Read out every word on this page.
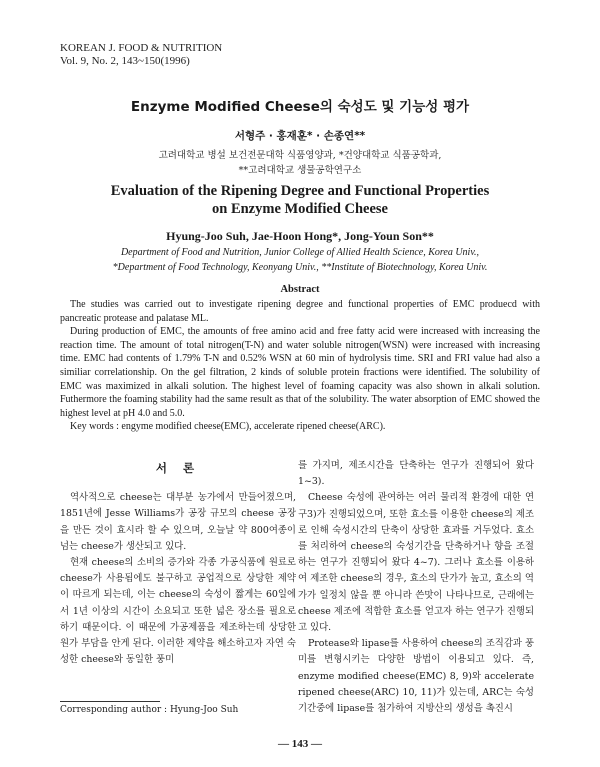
KOREAN J. FOOD & NUTRITION
Vol. 9, No. 2, 143~150(1996)
Enzyme Modified Cheese의 숙성도 및 기능성 평가
서형주 · 홍재훈* · 손종연**
고려대학교 병설 보건전문대학 식품영양과, *건양대학교 식품공학과,
**고려대학교 생물공학연구소
Evaluation of the Ripening Degree and Functional Properties
on Enzyme Modified Cheese
Hyung-Joo Suh, Jae-Hoon Hong*, Jong-Youn Son**
Department of Food and Nutrition, Junior College of Allied Health Science, Korea Univ.,
*Department of Food Technology, Keonyang Univ., **Institute of Biotechnology, Korea Univ.
Abstract

The studies was carried out to investigate ripening degree and functional properties of EMC produecd with pancreatic protease and palatase ML.

During production of EMC, the amounts of free amino acid and free fatty acid were increased with increasing the reaction time. The amount of total nitrogen(T-N) and water soluble nitrogen(WSN) were increased with increasing time. EMC had contents of 1.79% T-N and 0.52% WSN at 60 min of hydrolysis time. SRI and FRI value had also a similiar correlationship. On the gel filtration, 2 kinds of soluble protein fractions were identified. The solubility of EMC was maximized in alkali solution. The highest level of foaming capacity was also shown in alkali solution. Futhermore the foaming stability had the same result as that of the solubility. The water absorption of EMC showed the highest level at pH 4.0 and 5.0.

Key words : engyme modified cheese(EMC), accelerate ripened cheese(ARC).

서 론

역사적으로 cheese는 대부분 농가에서 만들어졌으며, 1851년에 Jesse Williams가 공장 규모의 cheese 공장을 만든 것이 효시라 할 수 있으며, 오늘날 약 800여종이 넘는 cheese가 생산되고 있다.

현재 cheese의 소비의 증가와 각종 가공식품에 원료로 cheese가 사용됨에도 불구하고 공업적으로 상당한 제약이 따르게 되는데, 이는 cheese의 숙성이 짧게는 60일에서 1년 이상의 시간이 소요되고 또한 넓은 장소를 필요로 하기 때문이다. 이 때문에 가공제품을 제조하는데 상당한 원가 부담을 안게 된다. 이러한 제약을 해소하고자 자연 숙성한 cheese와 동일한 풍미

를 가지며, 제조시간을 단축하는 연구가 진행되어 왔다 1~3).

Cheese 숙성에 관여하는 여러 물리적 환경에 대한 연구3)가 진행되었으며, 또한 효소를 이용한 cheese의 제조로 인해 숙성시간의 단축이 상당한 효과를 거두었다. 효소를 처리하여 cheese의 숙성기간을 단축하거나 향을 조절하는 연구가 진행되어 왔다 4~7). 그러나 효소를 이용하여 제조한 cheese의 경우, 효소의 단가가 높고, 효소의 역가가 일정치 않을 뿐 아니라 쓴맛이 나타나므로, 근래에는 cheese 제조에 적합한 효소를 얻고자 하는 연구가 진행되고 있다.

Protease와 lipase를 사용하여 cheese의 조직감과 풍미를 변형시키는 다양한 방법이 이용되고 있다. 즉, enzyme modified cheese(EMC) 8, 9)와 accelerate ripened cheese(ARC) 10, 11)가 있는데, ARC는 숙성기간중에 lipase를 첨가하여 지방산의 생성을 촉진시

Corresponding author : Hyung-Joo Suh
— 143 —
